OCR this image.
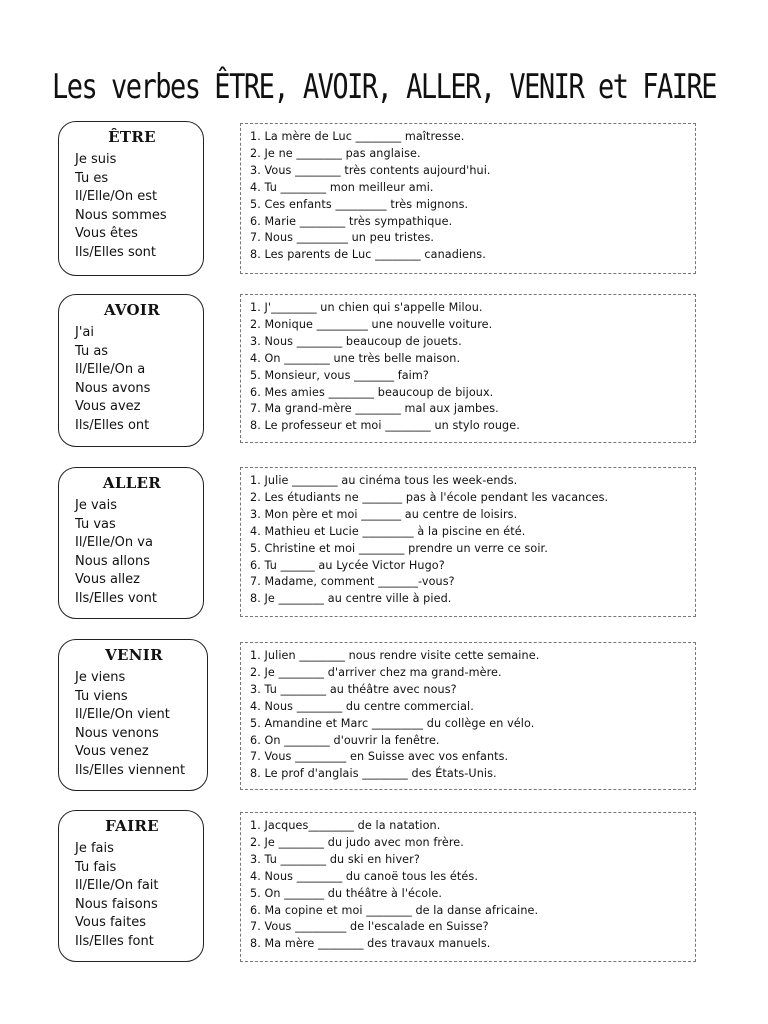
Les verbes ÊTRE, AVOIR, ALLER, VENIR et FAIRE
ÊTRE
Je suis
Tu es
Il/Elle/On est
Nous sommes
Vous êtes
Ils/Elles sont
1. La mère de Luc ________ maîtresse.
2. Je ne ________ pas anglaise.
3. Vous ________ très contents aujourd'hui.
4. Tu ________ mon meilleur ami.
5. Ces enfants _________ très mignons.
6. Marie ________ très sympathique.
7. Nous _________ un peu tristes.
8. Les parents de Luc ________ canadiens.
AVOIR
J'ai
Tu as
Il/Elle/On a
Nous avons
Vous avez
Ils/Elles ont
1. J'________ un chien qui s'appelle Milou.
2. Monique _________ une nouvelle voiture.
3. Nous ________ beaucoup de jouets.
4. On ________ une très belle maison.
5. Monsieur, vous _______ faim?
6. Mes amies ________ beaucoup de bijoux.
7. Ma grand-mère ________ mal aux jambes.
8. Le professeur et moi ________ un stylo rouge.
ALLER
Je vais
Tu vas
Il/Elle/On va
Nous allons
Vous allez
Ils/Elles vont
1. Julie ________ au cinéma tous les week-ends.
2. Les étudiants ne _______ pas à l'école pendant les vacances.
3. Mon père et moi _______ au centre de loisirs.
4. Mathieu et Lucie _________ à la piscine en été.
5. Christine et moi ________ prendre un verre ce soir.
6. Tu ______ au Lycée Victor Hugo?
7. Madame, comment _______-vous?
8. Je ________ au centre ville à pied.
VENIR
Je viens
Tu viens
Il/Elle/On vient
Nous venons
Vous venez
Ils/Elles viennent
1. Julien ________ nous rendre visite cette semaine.
2. Je ________ d'arriver chez ma grand-mère.
3. Tu ________ au théâtre avec nous?
4. Nous ________ du centre commercial.
5. Amandine et Marc _________ du collège en vélo.
6. On ________ d'ouvrir la fenêtre.
7. Vous _________ en Suisse avec vos enfants.
8. Le prof d'anglais ________ des États-Unis.
FAIRE
Je fais
Tu fais
Il/Elle/On fait
Nous faisons
Vous faites
Ils/Elles font
1. Jacques________ de la natation.
2. Je ________ du judo avec mon frère.
3. Tu ________ du ski en hiver?
4. Nous ________ du canoë tous les étés.
5. On _______ du théâtre à l'école.
6. Ma copine et moi ________ de la danse africaine.
7. Vous _________ de l'escalade en Suisse?
8. Ma mère ________ des travaux manuels.
